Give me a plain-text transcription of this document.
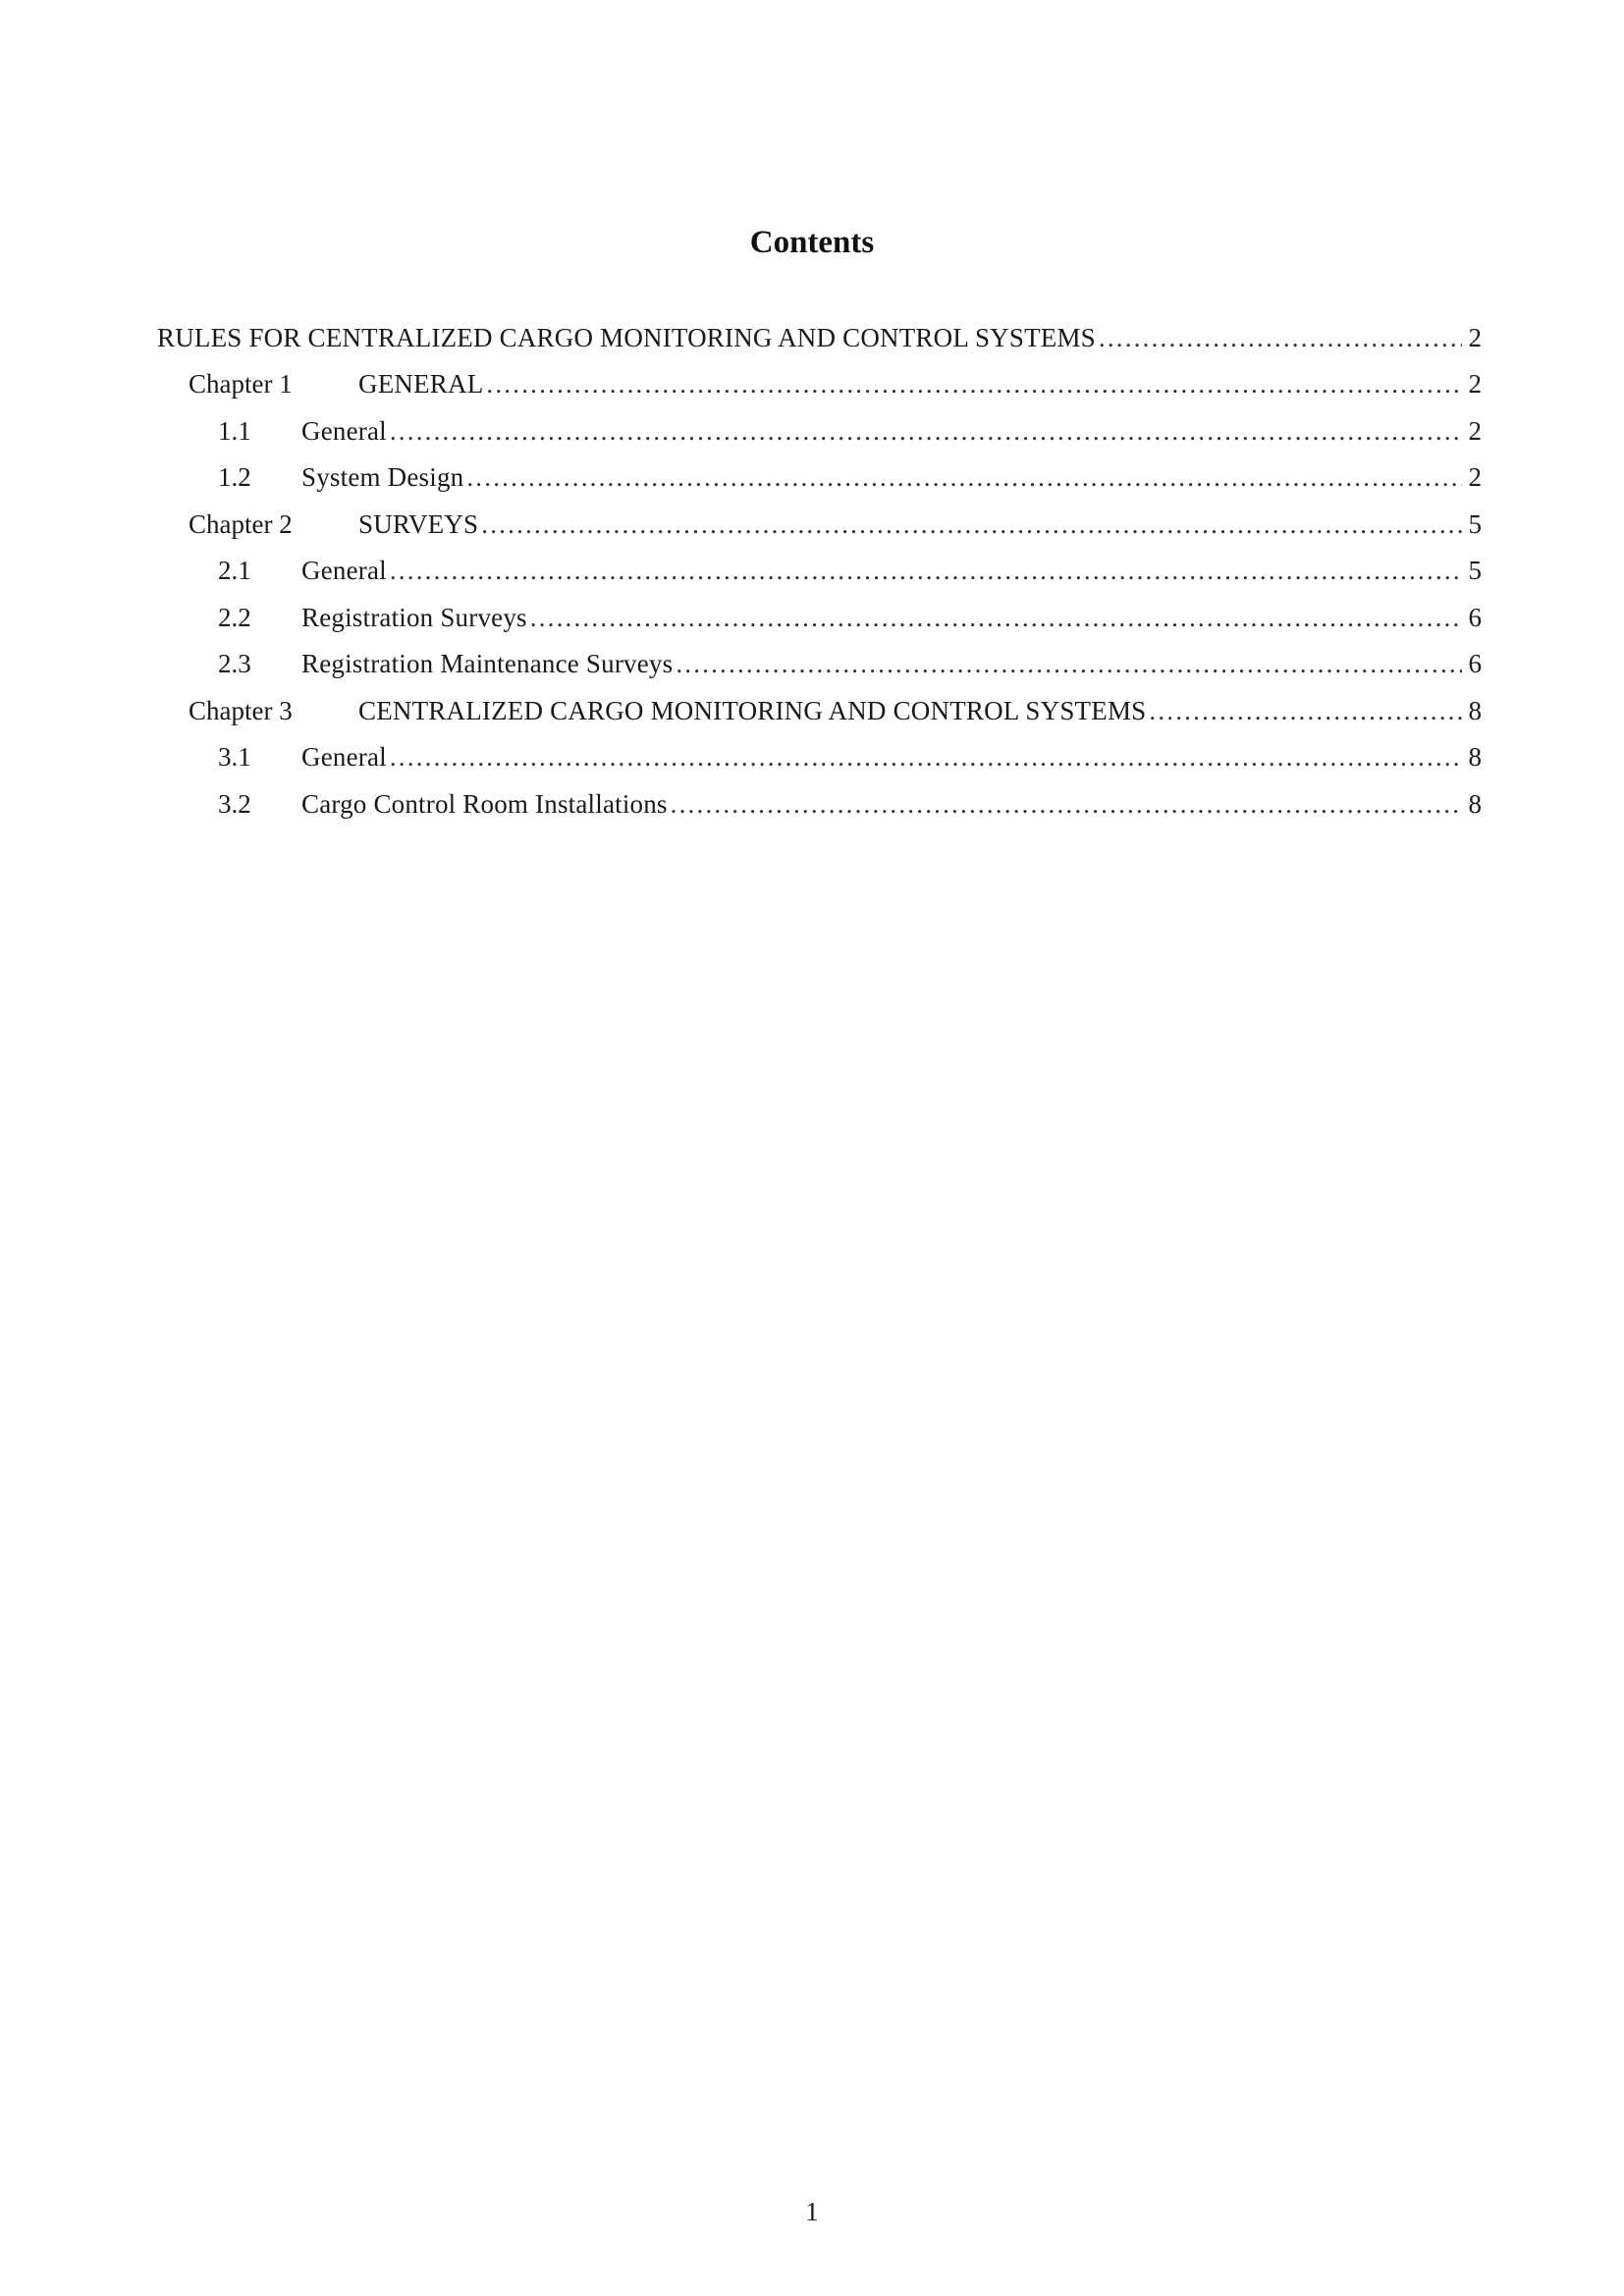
Contents
RULES FOR CENTRALIZED CARGO MONITORING AND CONTROL SYSTEMS .....	2
Chapter 1	GENERAL .....	2
1.1	General .....	2
1.2	System Design .....	2
Chapter 2	SURVEYS .....	5
2.1	General .....	5
2.2	Registration Surveys .....	6
2.3	Registration Maintenance Surveys .....	6
Chapter 3	CENTRALIZED CARGO MONITORING AND CONTROL SYSTEMS .....	8
3.1	General .....	8
3.2	Cargo Control Room Installations .....	8
1
